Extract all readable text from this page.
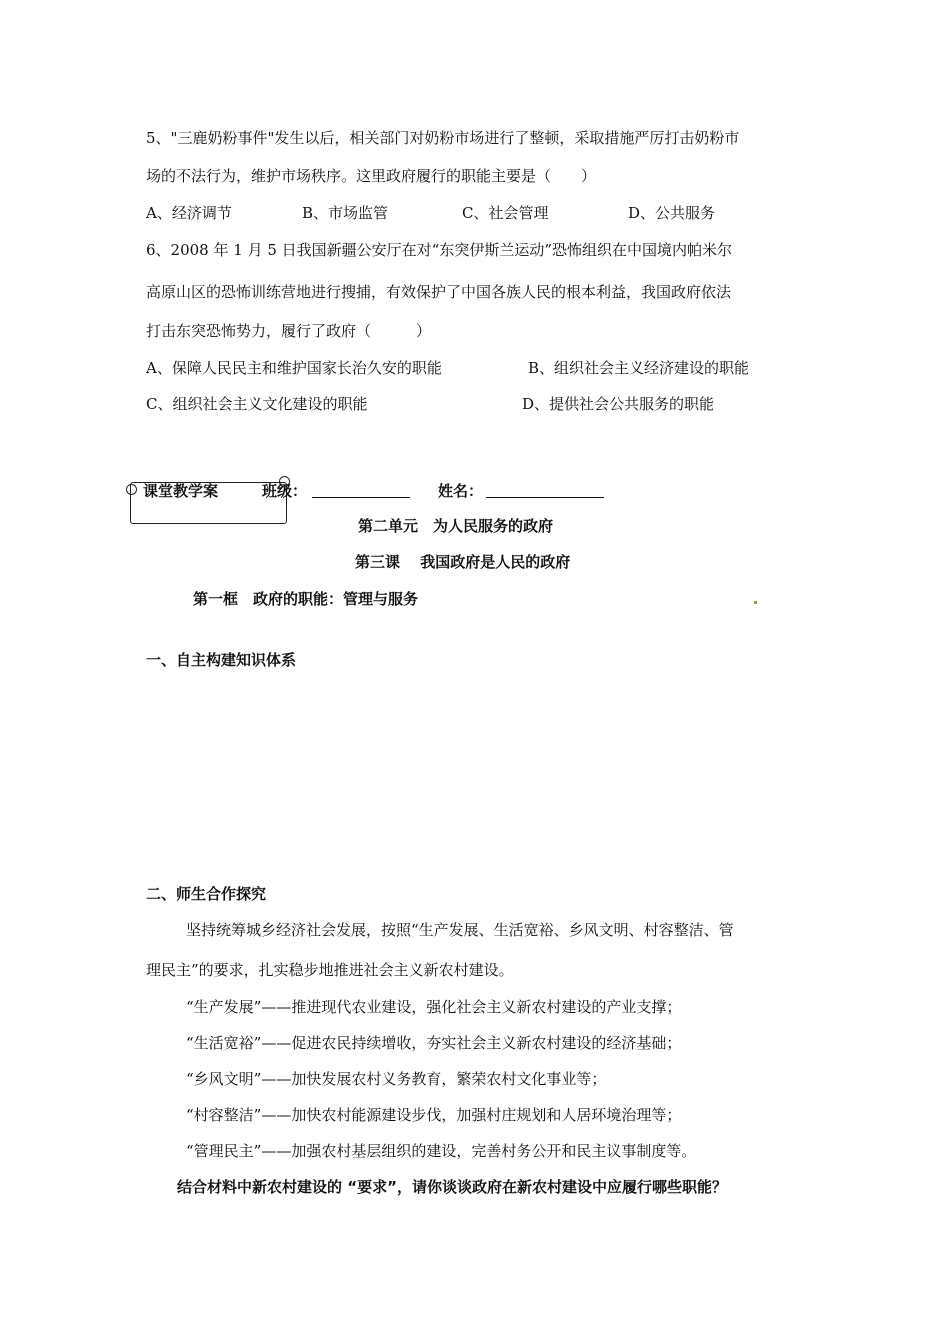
5、"三鹿奶粉事件"发生以后，相关部门对奶粉市场进行了整顿，采取措施严厉打击奶粉市
场的不法行为，维护市场秩序。这里政府履行的职能主要是（　　）
A、经济调节	B、市场监管	C、社会管理	D、公共服务
6、2008 年 1 月 5 日我国新疆公安厅在对“东突伊斯兰运动”恐怖组织在中国境内帕米尔
高原山区的恐怖训练营地进行搜捕，有效保护了中国各族人民的根本利益，我国政府依法
打击东突恐怖势力，履行了政府（　　　）
A、保障人民民主和维护国家长治久安的职能	B、组织社会主义经济建设的职能
C、组织社会主义文化建设的职能	D、提供社会公共服务的职能
课堂教学案	班级：	姓名：
第二单元　为人民服务的政府
第三课　 我国政府是人民的政府
第一框　政府的职能：管理与服务
一、自主构建知识体系
二、师生合作探究
坚持统筹城乡经济社会发展，按照“生产发展、生活宽裕、乡风文明、村容整洁、管
理民主”的要求，扎实稳步地推进社会主义新农村建设。
“生产发展”——推进现代农业建设，强化社会主义新农村建设的产业支撑；
“生活宽裕”——促进农民持续增收，夯实社会主义新农村建设的经济基础；
“乡风文明”——加快发展农村义务教育，繁荣农村文化事业等；
“村容整洁”——加快农村能源建设步伐，加强村庄规划和人居环境治理等；
“管理民主”——加强农村基层组织的建设，完善村务公开和民主议事制度等。
结合材料中新农村建设的 “要求”，请你谈谈政府在新农村建设中应履行哪些职能？
